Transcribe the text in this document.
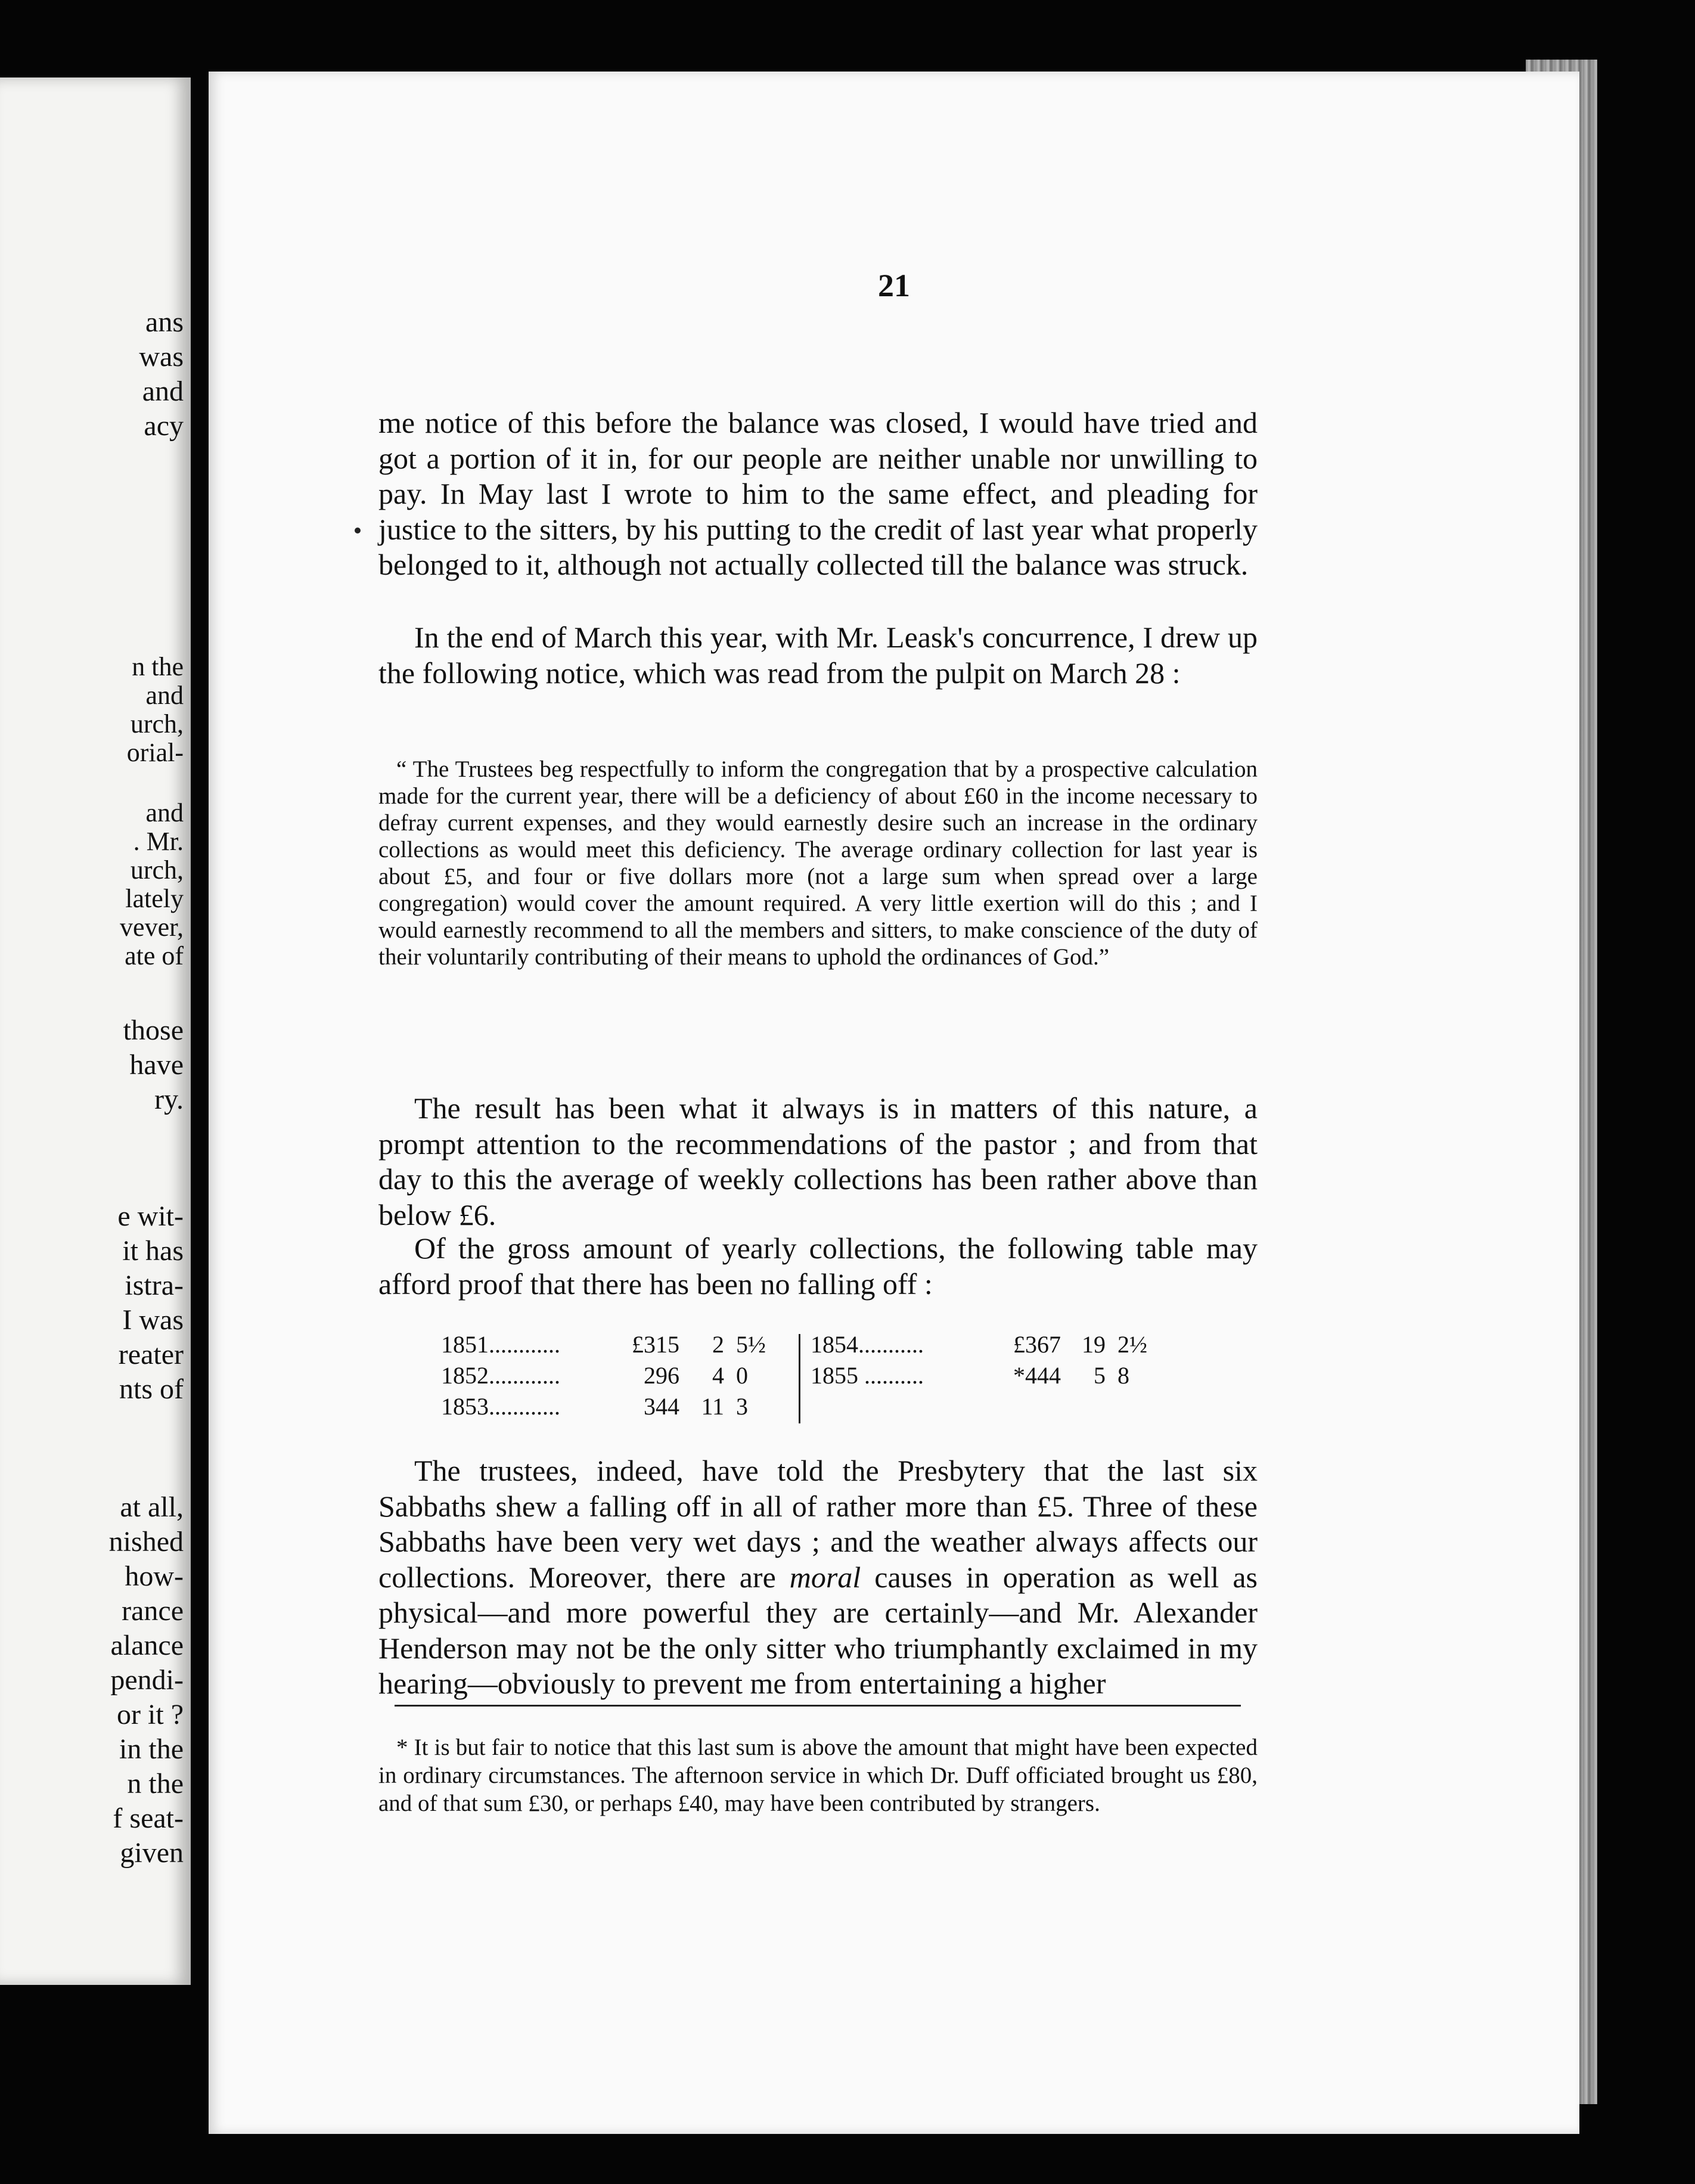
ans
was
and
acy
n the
and
urch,
orial-
and
. Mr.
urch,
lately
vever,
ate of
those
have
ry.
e wit-
it has
istra-
I was
reater
nts of
at all,
nished
how-
rance
alance
pendi-
or it ?
in the
n the
f seat-
given
21

me notice of this before the balance was closed, I would have tried and got a portion of it in, for our people are neither unable nor unwilling to pay. In May last I wrote to him to the same effect, and pleading for justice to the sitters, by his putting to the credit of last year what properly belonged to it, although not actually collected till the balance was struck.

In the end of March this year, with Mr. Leask's concurrence, I drew up the following notice, which was read from the pulpit on March 28 :

“ The Trustees beg respectfully to inform the congregation that by a prospective calculation made for the current year, there will be a deficiency of about £60 in the income necessary to defray current expenses, and they would earnestly desire such an increase in the ordinary collections as would meet this deficiency. The average ordinary collection for last year is about £5, and four or five dollars more (not a large sum when spread over a large congregation) would cover the amount required. A very little exertion will do this ; and I would earnestly recommend to all the members and sitters, to make conscience of the duty of their voluntarily contributing of their means to uphold the ordinances of God.”

The result has been what it always is in matters of this nature, a prompt attention to the recommendations of the pastor ; and from that day to this the average of weekly collections has been rather above than below £6.

Of the gross amount of yearly collections, the following table may afford proof that there has been no falling off :

1851............	£315	2 5½
1852............	296	4 0
1853............	344 11 3
1854...........	£367 19 2½
1855 ..........	*444	5 8

The trustees, indeed, have told the Presbytery that the last six Sabbaths shew a falling off in all of rather more than £5. Three of these Sabbaths have been very wet days ; and the weather always affects our collections. Moreover, there are moral causes in operation as well as physical—and more powerful they are certainly—and Mr. Alexander Henderson may not be the only sitter who triumphantly exclaimed in my hearing—obviously to prevent me from entertaining a higher

* It is but fair to notice that this last sum is above the amount that might have been expected in ordinary circumstances. The afternoon service in which Dr. Duff officiated brought us £80, and of that sum £30, or perhaps £40, may have been contributed by strangers.
